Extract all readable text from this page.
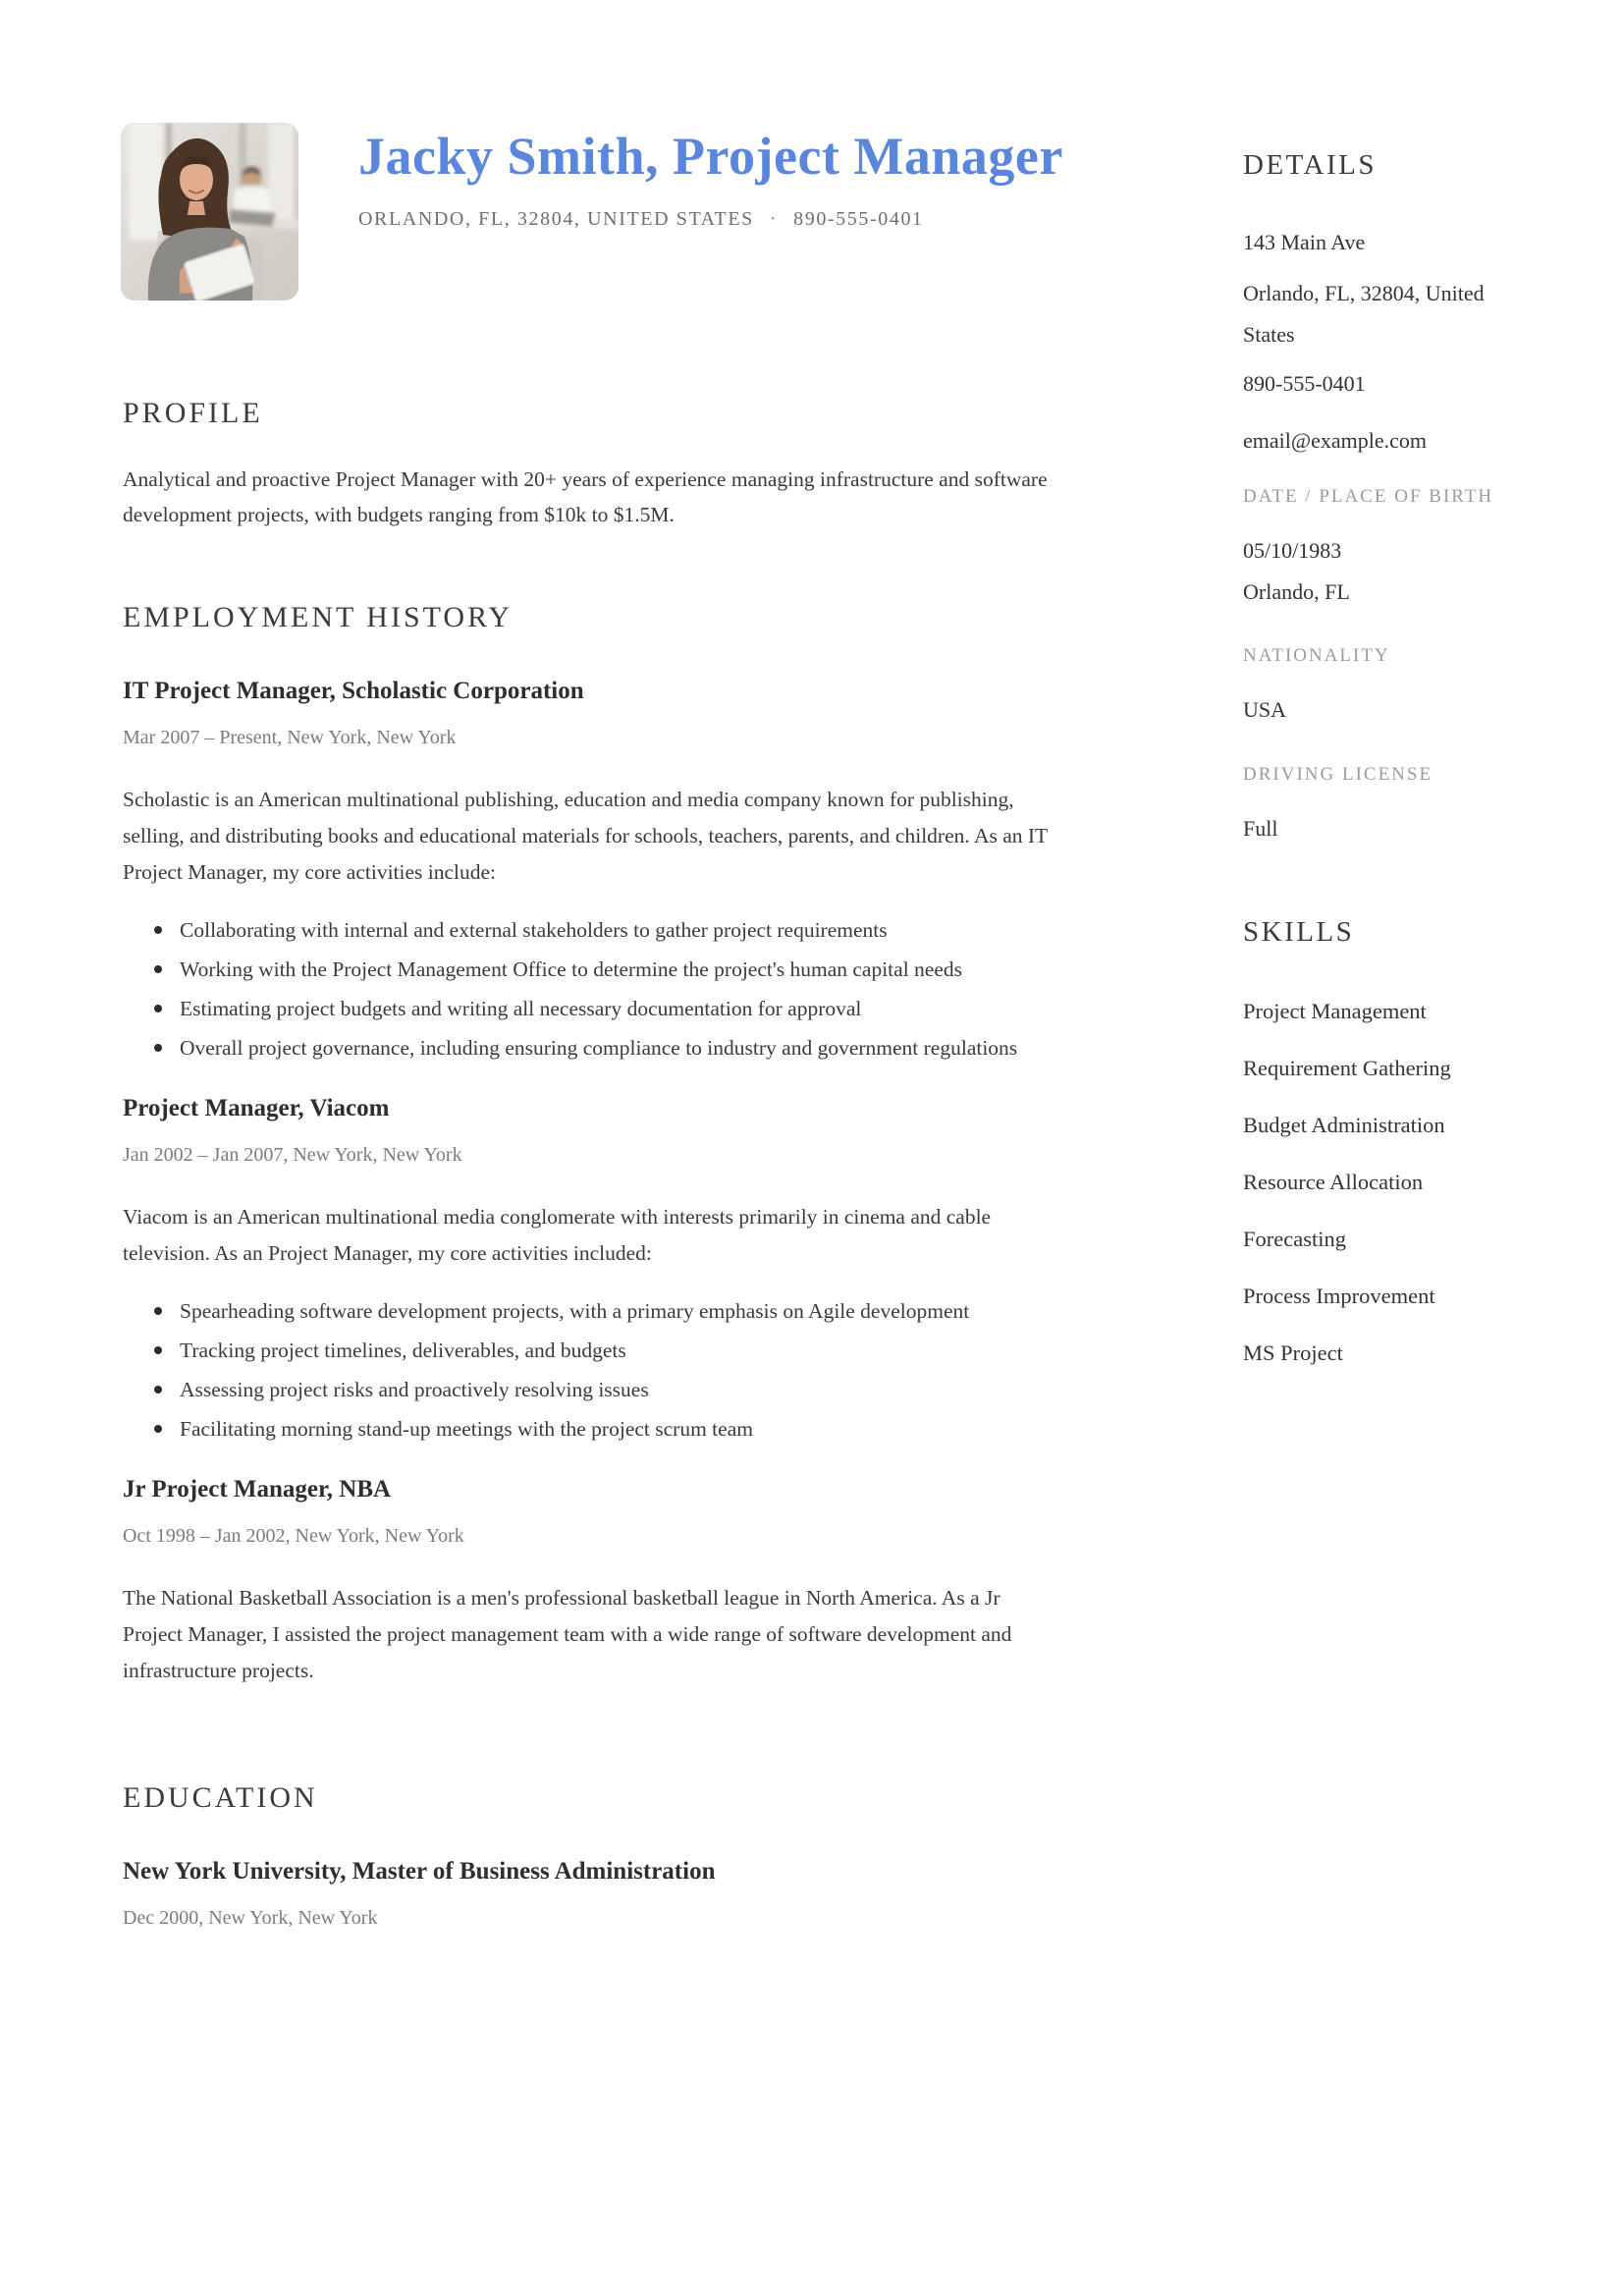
Jacky Smith, Project Manager
ORLANDO, FL, 32804, UNITED STATES · 890-555-0401
PROFILE

Analytical and proactive Project Manager with 20+ years of experience managing infrastructure and software development projects, with budgets ranging from $10k to $1.5M.

EMPLOYMENT HISTORY
IT Project Manager, Scholastic Corporation
Mar 2007 – Present, New York, New York

Scholastic is an American multinational publishing, education and media company known for publishing, selling, and distributing books and educational materials for schools, teachers, parents, and children. As an IT Project Manager, my core activities include:

Collaborating with internal and external stakeholders to gather project requirements
Working with the Project Management Office to determine the project's human capital needs
Estimating project budgets and writing all necessary documentation for approval
Overall project governance, including ensuring compliance to industry and government regulations
Project Manager, Viacom
Jan 2002 – Jan 2007, New York, New York

Viacom is an American multinational media conglomerate with interests primarily in cinema and cable television. As an Project Manager, my core activities included:

Spearheading software development projects, with a primary emphasis on Agile development
Tracking project timelines, deliverables, and budgets
Assessing project risks and proactively resolving issues
Facilitating morning stand-up meetings with the project scrum team
Jr Project Manager, NBA
Oct 1998 – Jan 2002, New York, New York

The National Basketball Association is a men's professional basketball league in North America. As a Jr Project Manager, I assisted the project management team with a wide range of software development and infrastructure projects.

EDUCATION
New York University, Master of Business Administration
Dec 2000, New York, New York
DETAILS
143 Main Ave
Orlando, FL, 32804, United States
890-555-0401
email@example.com
DATE / PLACE OF BIRTH
05/10/1983
Orlando, FL
NATIONALITY
USA
DRIVING LICENSE
Full
SKILLS
Project Management
Requirement Gathering
Budget Administration
Resource Allocation
Forecasting
Process Improvement
MS Project
